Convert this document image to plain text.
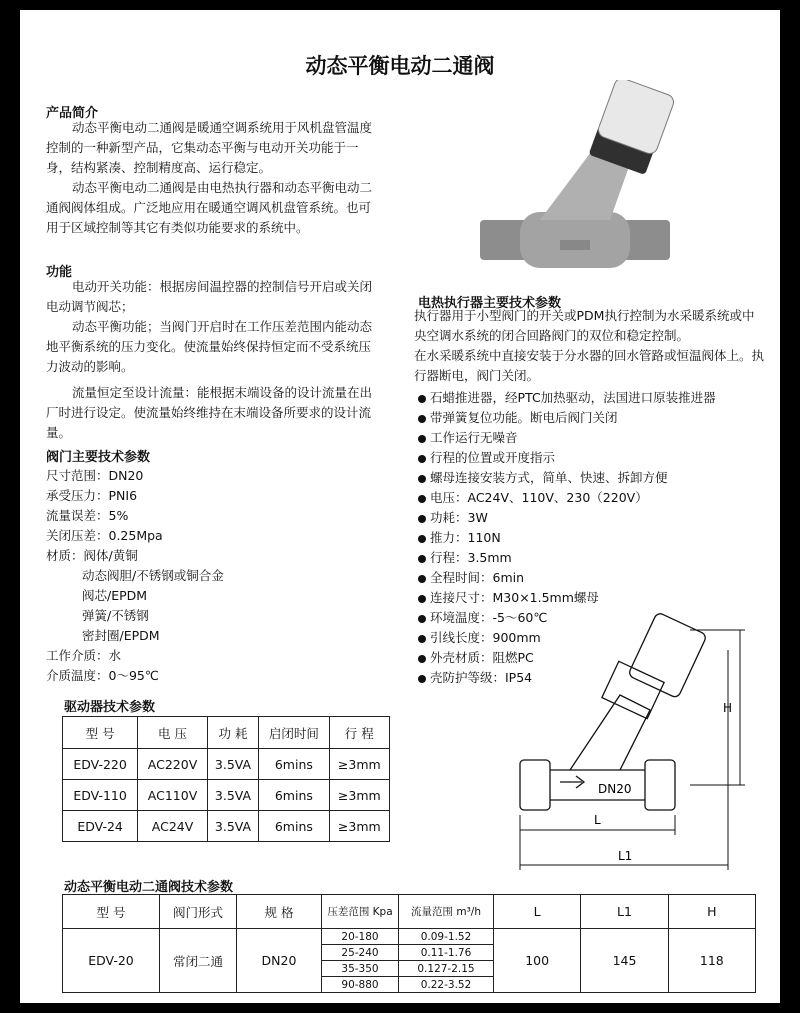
动态平衡电动二通阀
产品简介

动态平衡电动二通阀是暖通空调系统用于风机盘管温度控制的一种新型产品，它集动态平衡与电动开关功能于一身，结构紧凑、控制精度高、运行稳定。

动态平衡电动二通阀是由电热执行器和动态平衡电动二通阀阀体组成。广泛地应用在暖通空调风机盘管系统。也可用于区域控制等其它有类似功能要求的系统中。

功能

电动开关功能：根据房间温控器的控制信号开启或关闭电动调节阀芯；

动态平衡功能；当阀门开启时在工作压差范围内能动态地平衡系统的压力变化。使流量始终保持恒定而不受系统压力波动的影响。

流量恒定至设计流量：能根据末端设备的设计流量在出厂时进行设定。使流量始终维持在末端设备所要求的设计流量。

阀门主要技术参数
尺寸范围：DN20
承受压力：PNI6
流量误差：5%
关闭压差：0.25Mpa
材质：阀体/黄铜
动态阀胆/不锈钢或铜合金
阀芯/EPDM
弹簧/不锈钢
密封圈/EPDM
工作介质：水
介质温度：0～95℃
电热执行器主要技术参数

执行器用于小型阀门的开关或PDM执行控制为水采暖系统或中央空调水系统的闭合回路阀门的双位和稳定控制。

在水采暖系统中直接安装于分水器的回水管路或恒温阀体上。执行器断电，阀门关闭。

石蜡推进器，经PTC加热驱动，法国进口原装推进器
带弹簧复位功能。断电后阀门关闭
工作运行无噪音
行程的位置或开度指示
螺母连接安装方式，简单、快速、拆卸方便
电压：AC24V、110V、230（220V）
功耗：3W
推力：110N
行程：3.5mm
全程时间：6min
连接尺寸：M30×1.5mm螺母
环境温度：-5～60℃
引线长度：900mm
外壳材质：阻燃PC
壳防护等级：IP54
DN20
L
L1
H
驱动器技术参数
型 号	电 压	功 耗	启闭时间	行 程
EDV-220	AC220V	3.5VA	6mins	≥3mm
EDV-110	AC110V	3.5VA	6mins	≥3mm
EDV-24	AC24V	3.5VA	6mins	≥3mm
动态平衡电动二通阀技术参数
型 号	阀门形式	规 格	压差范围 Kpa	流量范围 m³/h	L	L1	H
EDV-20	常闭二通	DN20	20-180	0.09-1.52	100	145	118
			25-240	0.11-1.76			
			35-350	0.127-2.15			
			90-880	0.22-3.52			
